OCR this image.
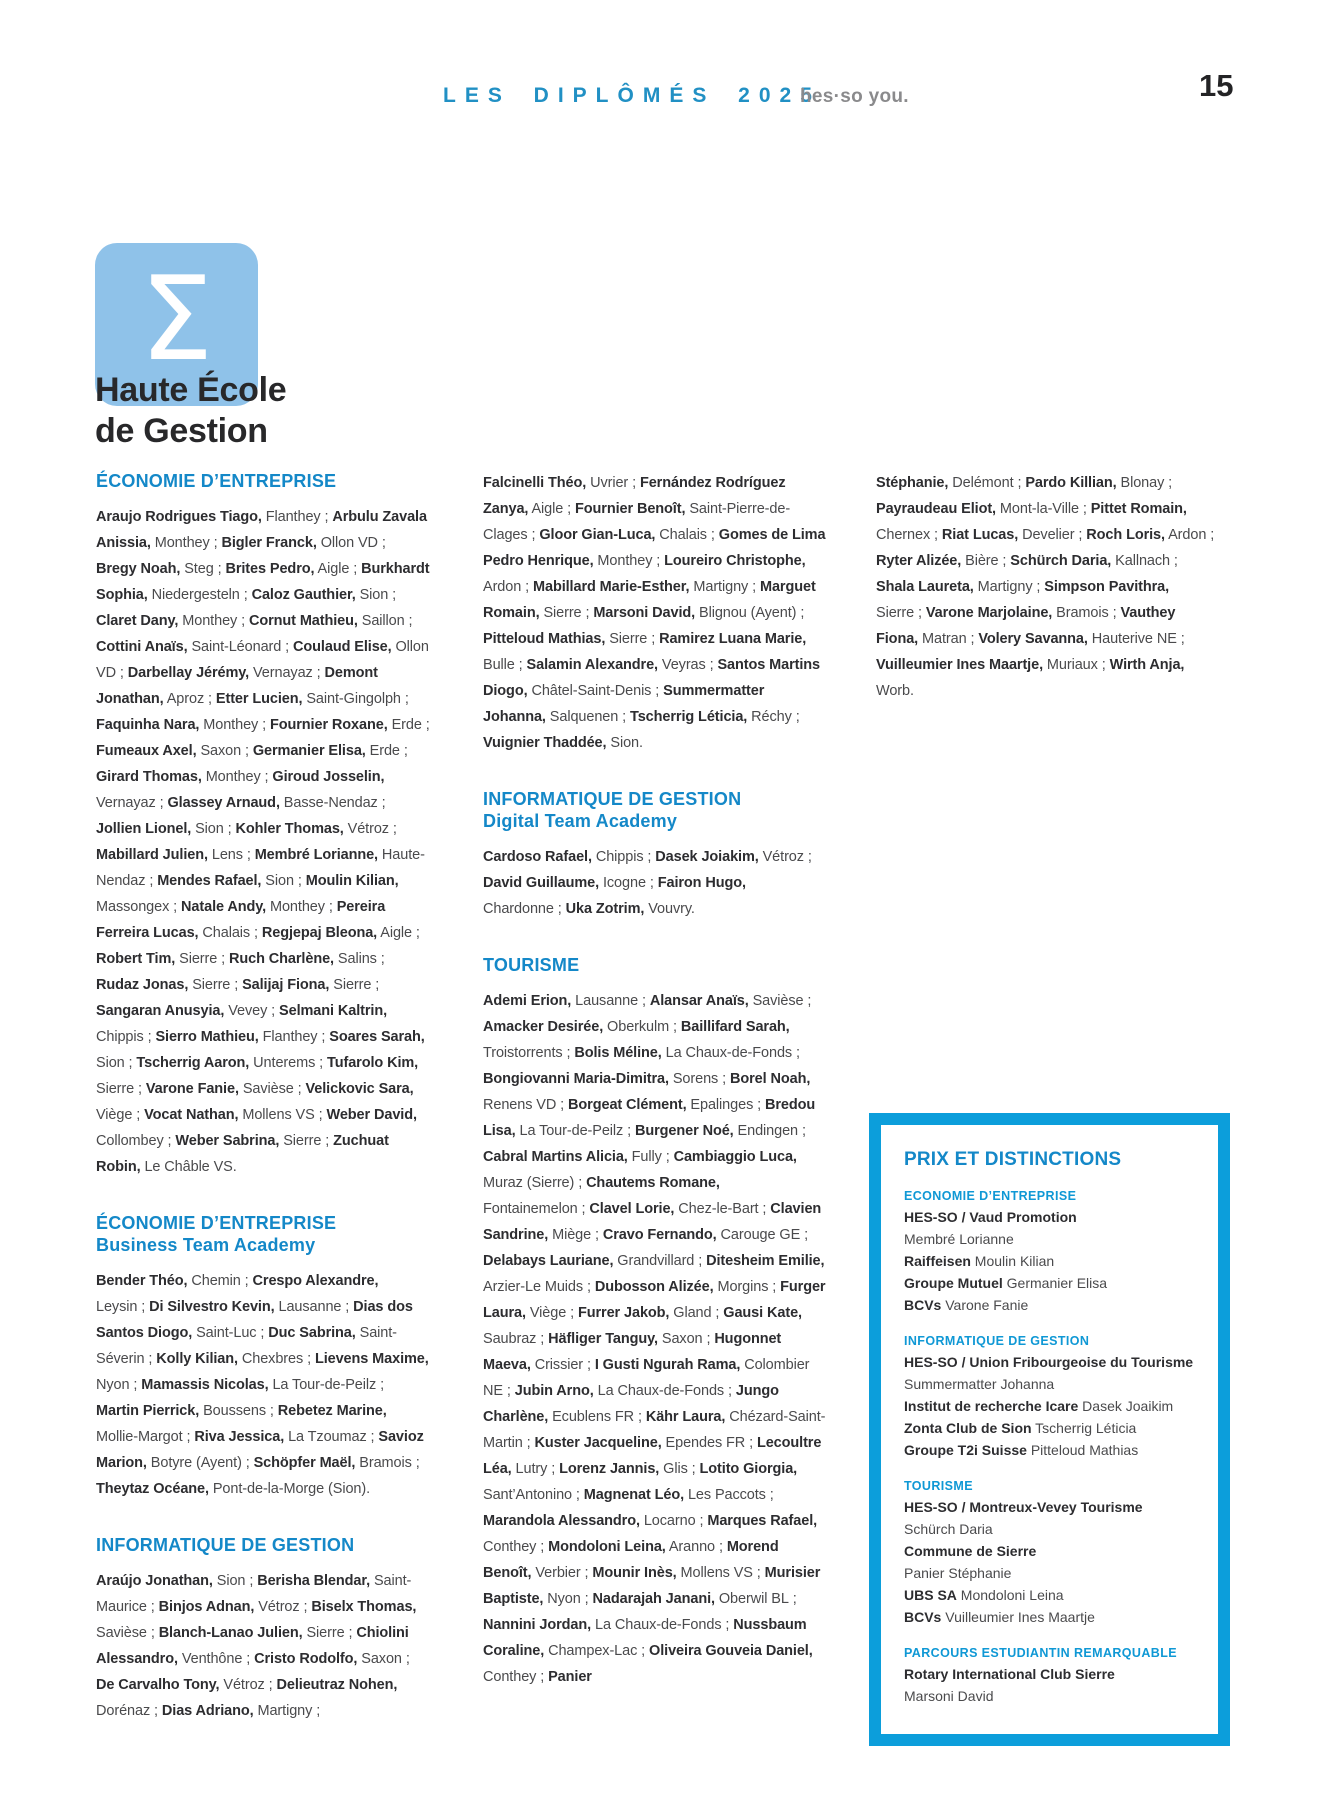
LES DIPLÔMÉS 2025
hes·so you.	15
Σ
Haute École
de Gestion
ÉCONOMIE D’ENTREPRISE

Araujo Rodrigues Tiago, Flanthey ; Arbulu Zavala Anissia, Monthey ; Bigler Franck, Ollon VD ; Bregy Noah, Steg ; Brites Pedro, Aigle ; Burkhardt Sophia, Niedergesteln ; Caloz Gauthier, Sion ; Claret Dany, Monthey ; Cornut Mathieu, Saillon ; Cottini Anaïs, Saint-Léonard ; Coulaud Elise, Ollon VD ; Darbellay Jérémy, Vernayaz ; Demont Jonathan, Aproz ; Etter Lucien, Saint-Gingolph ; Faquinha Nara, Monthey ; Fournier Roxane, Erde ; Fumeaux Axel, Saxon ; Germanier Elisa, Erde ; Girard Thomas, Monthey ; Giroud Josselin, Vernayaz ; Glassey Arnaud, Basse-Nendaz ; Jollien Lionel, Sion ; Kohler Thomas, Vétroz ; Mabillard Julien, Lens ; Membré Lorianne, Haute-Nendaz ; Mendes Rafael, Sion ; Moulin Kilian, Massongex ; Natale Andy, Monthey ; Pereira Ferreira Lucas, Chalais ; Regjepaj Bleona, Aigle ; Robert Tim, Sierre ; Ruch Charlène, Salins ; Rudaz Jonas, Sierre ; Salijaj Fiona, Sierre ; Sangaran Anusyia, Vevey ; Selmani Kaltrin, Chippis ; Sierro Mathieu, Flanthey ; Soares Sarah, Sion ; Tscherrig Aaron, Unterems ; Tufarolo Kim, Sierre ; Varone Fanie, Savièse ; Velickovic Sara, Viège ; Vocat Nathan, Mollens VS ; Weber David, Collombey ; Weber Sabrina, Sierre ; Zuchuat Robin, Le Châble VS.

ÉCONOMIE D’ENTREPRISE
Business Team Academy

Bender Théo, Chemin ; Crespo Alexandre, Leysin ; Di Silvestro Kevin, Lausanne ; Dias dos Santos Diogo, Saint-Luc ; Duc Sabrina, Saint-Séverin ; Kolly Kilian, Chexbres ; Lievens Maxime, Nyon ; Mamassis Nicolas, La Tour-de-Peilz ; Martin Pierrick, Boussens ; Rebetez Marine, Mollie-Margot ; Riva Jessica, La Tzoumaz ; Savioz Marion, Botyre (Ayent) ; Schöpfer Maël, Bramois ; Theytaz Océane, Pont-de-la-Morge (Sion).

INFORMATIQUE DE GESTION

Araújo Jonathan, Sion ; Berisha Blendar, Saint-Maurice ; Binjos Adnan, Vétroz ; Biselx Thomas, Savièse ; Blanch-Lanao Julien, Sierre ; Chiolini Alessandro, Venthône ; Cristo Rodolfo, Saxon ; De Carvalho Tony, Vétroz ; Delieutraz Nohen, Dorénaz ; Dias Adriano, Martigny ;

Falcinelli Théo, Uvrier ; Fernández Rodríguez Zanya, Aigle ; Fournier Benoît, Saint-Pierre-de-Clages ; Gloor Gian-Luca, Chalais ; Gomes de Lima Pedro Henrique, Monthey ; Loureiro Christophe, Ardon ; Mabillard Marie-Esther, Martigny ; Marguet Romain, Sierre ; Marsoni David, Blignou (Ayent) ; Pitteloud Mathias, Sierre ; Ramirez Luana Marie, Bulle ; Salamin Alexandre, Veyras ; Santos Martins Diogo, Châtel-Saint-Denis ; Summermatter Johanna, Salquenen ; Tscherrig Léticia, Réchy ; Vuignier Thaddée, Sion.

INFORMATIQUE DE GESTION
Digital Team Academy

Cardoso Rafael, Chippis ; Dasek Joiakim, Vétroz ; David Guillaume, Icogne ; Fairon Hugo, Chardonne ; Uka Zotrim, Vouvry.

TOURISME

Ademi Erion, Lausanne ; Alansar Anaïs, Savièse ; Amacker Desirée, Oberkulm ; Baillifard Sarah, Troistorrents ; Bolis Méline, La Chaux-de-Fonds ; Bongiovanni Maria-Dimitra, Sorens ; Borel Noah, Renens VD ; Borgeat Clément, Epalinges ; Bredou Lisa, La Tour-de-Peilz ; Burgener Noé, Endingen ; Cabral Martins Alicia, Fully ; Cambiaggio Luca, Muraz (Sierre) ; Chautems Romane, Fontainemelon ; Clavel Lorie, Chez-le-Bart ; Clavien Sandrine, Miège ; Cravo Fernando, Carouge GE ; Delabays Lauriane, Grandvillard ; Ditesheim Emilie, Arzier-Le Muids ; Dubosson Alizée, Morgins ; Furger Laura, Viège ; Furrer Jakob, Gland ; Gausi Kate, Saubraz ; Häfliger Tanguy, Saxon ; Hugonnet Maeva, Crissier ; I Gusti Ngurah Rama, Colombier NE ; Jubin Arno, La Chaux-de-Fonds ; Jungo Charlène, Ecublens FR ; Kähr Laura, Chézard-Saint-Martin ; Kuster Jacqueline, Ependes FR ; Lecoultre Léa, Lutry ; Lorenz Jannis, Glis ; Lotito Giorgia, Sant’Antonino ; Magnenat Léo, Les Paccots ; Marandola Alessandro, Locarno ; Marques Rafael, Conthey ; Mondoloni Leina, Aranno ; Morend Benoît, Verbier ; Mounir Inès, Mollens VS ; Murisier Baptiste, Nyon ; Nadarajah Janani, Oberwil BL ; Nannini Jordan, La Chaux-de-Fonds ; Nussbaum Coraline, Champex-Lac ; Oliveira Gouveia Daniel, Conthey ; Panier

Stéphanie, Delémont ; Pardo Killian, Blonay ; Payraudeau Eliot, Mont-la-Ville ; Pittet Romain, Chernex ; Riat Lucas, Develier ; Roch Loris, Ardon ; Ryter Alizée, Bière ; Schürch Daria, Kallnach ; Shala Laureta, Martigny ; Simpson Pavithra, Sierre ; Varone Marjolaine, Bramois ; Vauthey Fiona, Matran ; Volery Savanna, Hauterive NE ; Vuilleumier Ines Maartje, Muriaux ; Wirth Anja, Worb.

PRIX ET DISTINCTIONS
ECONOMIE D’ENTREPRISE
HES-SO / Vaud Promotion
Membré Lorianne
Raiffeisen Moulin Kilian
Groupe Mutuel Germanier Elisa
BCVs Varone Fanie
INFORMATIQUE DE GESTION
HES-SO / Union Fribourgeoise du Tourisme
Summermatter Johanna
Institut de recherche Icare Dasek Joaikim
Zonta Club de Sion Tscherrig Léticia
Groupe T2i Suisse Pitteloud Mathias
TOURISME
HES-SO / Montreux-Vevey Tourisme
Schürch Daria
Commune de Sierre
Panier Stéphanie
UBS SA Mondoloni Leina
BCVs Vuilleumier Ines Maartje
PARCOURS ESTUDIANTIN REMARQUABLE
Rotary International Club Sierre
Marsoni David
